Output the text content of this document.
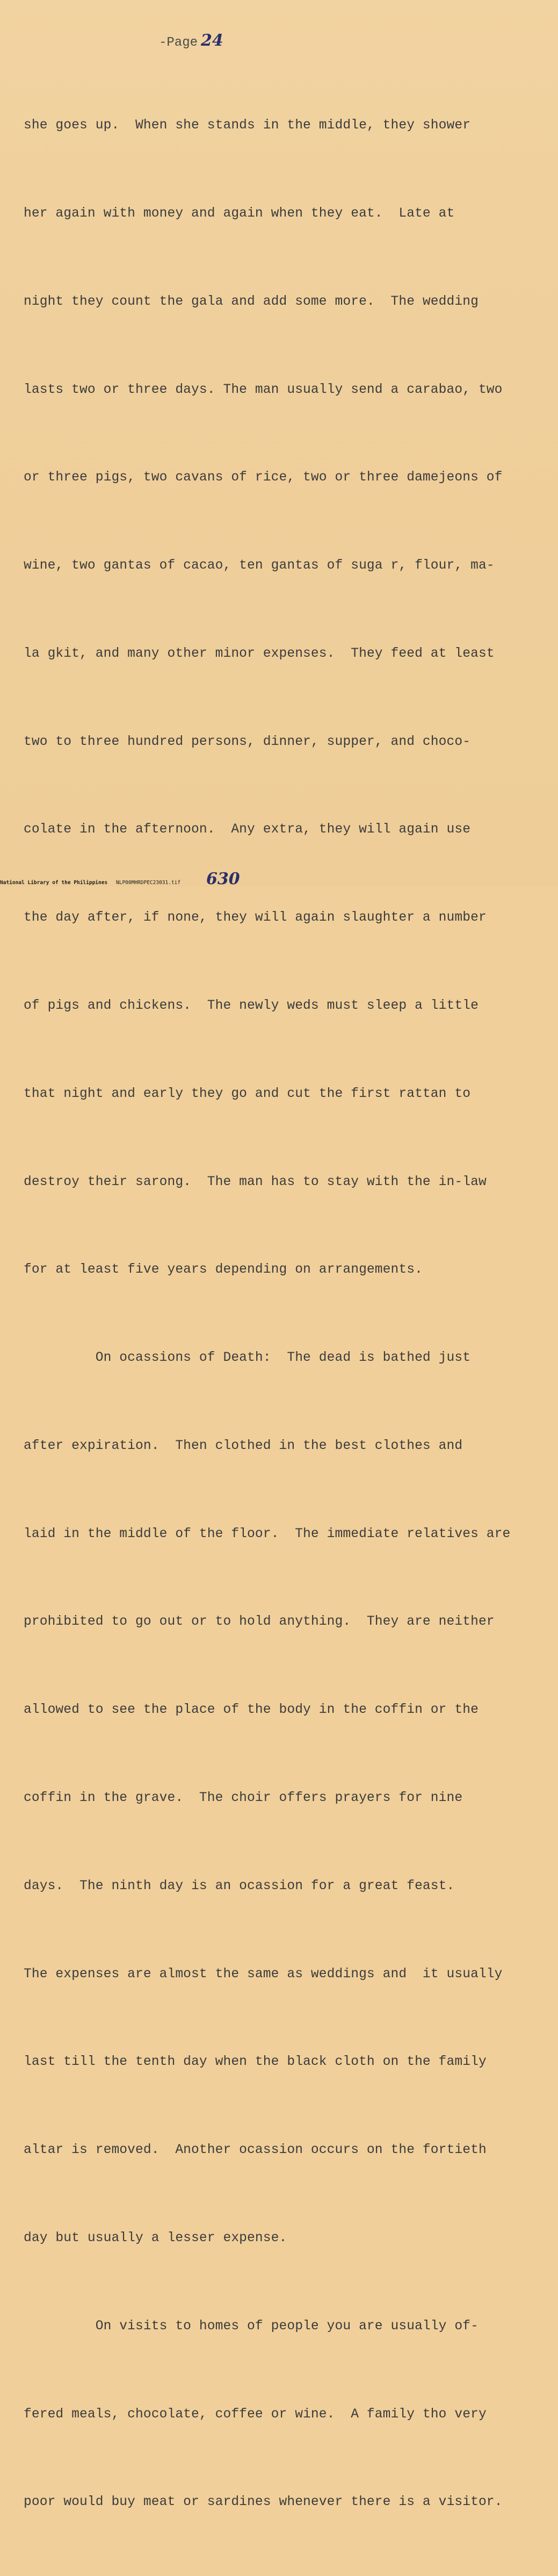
-Page 24

she goes up.  When she stands in the middle, they shower

her again with money and again when they eat.  Late at

night they count the gala and add some more.  The wedding

lasts two or three days. The man usually send a carabao, two

or three pigs, two cavans of rice, two or three damejeons of

wine, two gantas of cacao, ten gantas of suga r, flour, ma-

la gkit, and many other minor expenses.  They feed at least

two to three hundred persons, dinner, supper, and choco-

colate in the afternoon.  Any extra, they will again use

the day after, if none, they will again slaughter a number

of pigs and chickens.  The newly weds must sleep a little

that night and early they go and cut the first rattan to

destroy their sarong.  The man has to stay with the in-law

for at least five years depending on arrangements.

On ocassions of Death:  The dead is bathed just

after expiration.  Then clothed in the best clothes and

laid in the middle of the floor.  The immediate relatives are

prohibited to go out or to hold anything.  They are neither

allowed to see the place of the body in the coffin or the

coffin in the grave.  The choir offers prayers for nine

days.  The ninth day is an ocassion for a great feast.

The expenses are almost the same as weddings and  it usually

last till the tenth day when the black cloth on the family

altar is removed.  Another ocassion occurs on the fortieth

day but usually a lesser expense.

On visits to homes of people you are usually of-

fered meals, chocolate, coffee or wine.  A family tho very

poor would buy meat or sardines whenever there is a visitor.

National Library of the Philippines NLP00MHRDPEC23031.tif 630
